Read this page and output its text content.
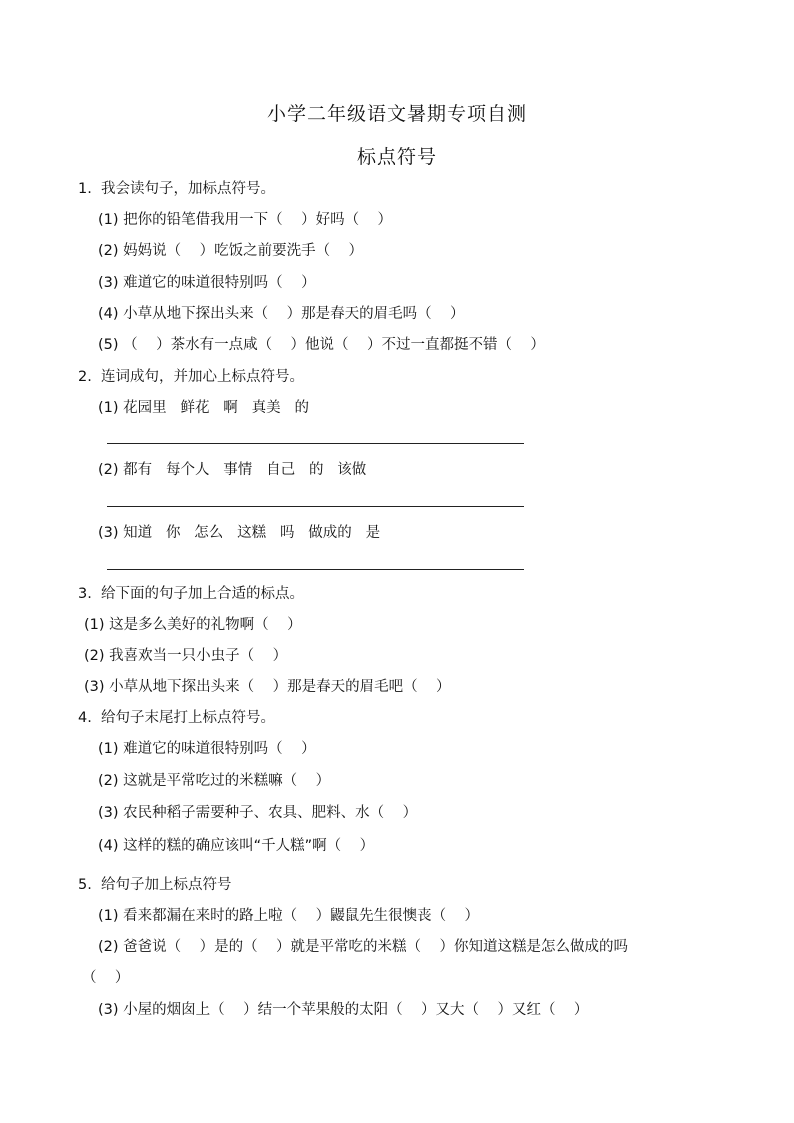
小学二年级语文暑期专项自测
标点符号
1.  我会读句子，加标点符号。
(1) 把你的铅笔借我用一下（    ）好吗（    ）
(2) 妈妈说（    ）吃饭之前要洗手（    ）
(3) 难道它的味道很特别吗（    ）
(4) 小草从地下探出头来（    ）那是春天的眉毛吗（    ）
(5) （    ）茶水有一点咸（    ）他说（    ）不过一直都挺不错（    ）
2.  连词成句，并加心上标点符号。
(1) 花园里   鲜花   啊   真美   的
(2) 都有   每个人   事情   自己   的   该做
(3) 知道   你   怎么   这糕   吗   做成的   是
3.  给下面的句子加上合适的标点。
(1) 这是多么美好的礼物啊（    ）
(2) 我喜欢当一只小虫子（    ）
(3) 小草从地下探出头来（    ）那是春天的眉毛吧（    ）
4.  给句子末尾打上标点符号。
(1) 难道它的味道很特别吗（    ）
(2) 这就是平常吃过的米糕嘛（    ）
(3) 农民种稻子需要种子、农具、肥料、水（    ）
(4) 这样的糕的确应该叫“千人糕”啊（    ）
5.  给句子加上标点符号
(1) 看来都漏在来时的路上啦（    ）鼹鼠先生很懊丧（    ）
(2) 爸爸说（    ）是的（    ）就是平常吃的米糕（    ）你知道这糕是怎么做成的吗
（    ）
(3) 小屋的烟囱上（    ）结一个苹果般的太阳（    ）又大（    ）又红（    ）
